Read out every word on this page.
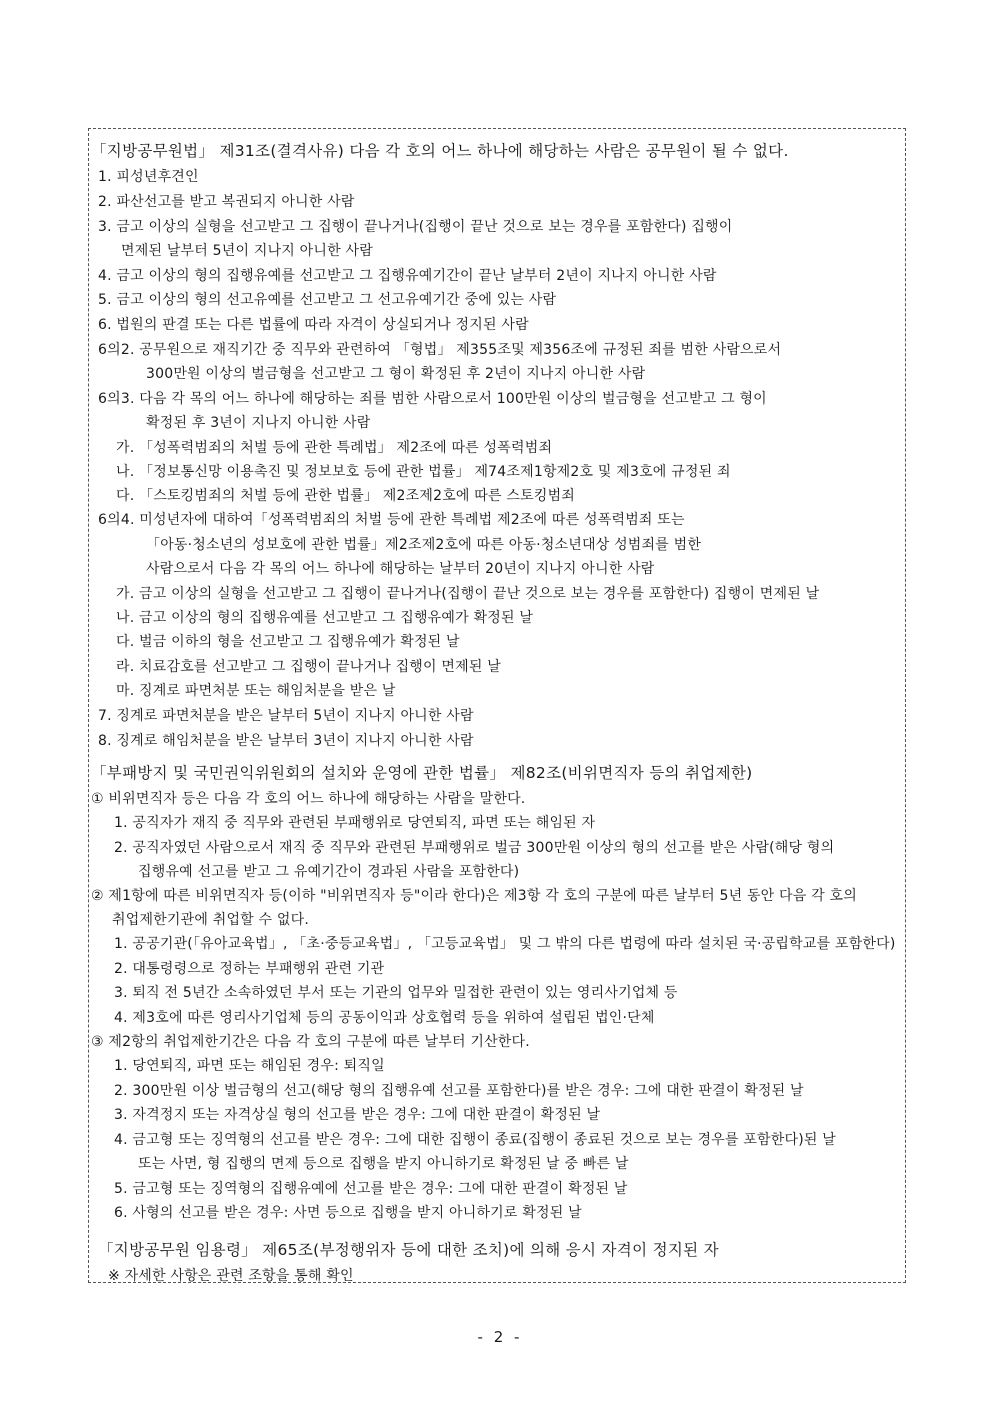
「지방공무원법」 제31조(결격사유) 다음 각 호의 어느 하나에 해당하는 사람은 공무원이 될 수 없다.
1. 피성년후견인
2. 파산선고를 받고 복권되지 아니한 사람
3. 금고 이상의 실형을 선고받고 그 집행이 끝나거나(집행이 끝난 것으로 보는 경우를 포함한다) 집행이
면제된 날부터 5년이 지나지 아니한 사람
4. 금고 이상의 형의 집행유예를 선고받고 그 집행유예기간이 끝난 날부터 2년이 지나지 아니한 사람
5. 금고 이상의 형의 선고유예를 선고받고 그 선고유예기간 중에 있는 사람
6. 법원의 판결 또는 다른 법률에 따라 자격이 상실되거나 정지된 사람
6의2. 공무원으로 재직기간 중 직무와 관련하여 「형법」 제355조및 제356조에 규정된 죄를 범한 사람으로서
300만원 이상의 벌금형을 선고받고 그 형이 확정된 후 2년이 지나지 아니한 사람
6의3. 다음 각 목의 어느 하나에 해당하는 죄를 범한 사람으로서 100만원 이상의 벌금형을 선고받고 그 형이
확정된 후 3년이 지나지 아니한 사람
가. 「성폭력범죄의 처벌 등에 관한 특례법」 제2조에 따른 성폭력범죄
나. 「정보통신망 이용촉진 및 정보보호 등에 관한 법률」 제74조제1항제2호 및 제3호에 규정된 죄
다. 「스토킹범죄의 처벌 등에 관한 법률」 제2조제2호에 따른 스토킹범죄
6의4. 미성년자에 대하여「성폭력범죄의 처벌 등에 관한 특례법 제2조에 따른 성폭력범죄 또는
「아동·청소년의 성보호에 관한 법률」제2조제2호에 따른 아동·청소년대상 성범죄를 범한
사람으로서 다음 각 목의 어느 하나에 해당하는 날부터 20년이 지나지 아니한 사람
가. 금고 이상의 실형을 선고받고 그 집행이 끝나거나(집행이 끝난 것으로 보는 경우를 포함한다) 집행이 면제된 날
나. 금고 이상의 형의 집행유예를 선고받고 그 집행유예가 확정된 날
다. 벌금 이하의 형을 선고받고 그 집행유예가 확정된 날
라. 치료감호를 선고받고 그 집행이 끝나거나 집행이 면제된 날
마. 징계로 파면처분 또는 해임처분을 받은 날
7. 징계로 파면처분을 받은 날부터 5년이 지나지 아니한 사람
8. 징계로 해임처분을 받은 날부터 3년이 지나지 아니한 사람
「부패방지 및 국민권익위원회의 설치와 운영에 관한 법률」 제82조(비위면직자 등의 취업제한)
① 비위면직자 등은 다음 각 호의 어느 하나에 해당하는 사람을 말한다.
1. 공직자가 재직 중 직무와 관련된 부패행위로 당연퇴직, 파면 또는 해임된 자
2. 공직자였던 사람으로서 재직 중 직무와 관련된 부패행위로 벌금 300만원 이상의 형의 선고를 받은 사람(해당 형의
집행유예 선고를 받고 그 유예기간이 경과된 사람을 포함한다)
② 제1항에 따른 비위면직자 등(이하 "비위면직자 등"이라 한다)은 제3항 각 호의 구분에 따른 날부터 5년 동안 다음 각 호의
취업제한기관에 취업할 수 없다.
1. 공공기관(「유아교육법」, 「초·중등교육법」, 「고등교육법」 및 그 밖의 다른 법령에 따라 설치된 국·공립학교를 포함한다)
2. 대통령령으로 정하는 부패행위 관련 기관
3. 퇴직 전 5년간 소속하였던 부서 또는 기관의 업무와 밀접한 관련이 있는 영리사기업체 등
4. 제3호에 따른 영리사기업체 등의 공동이익과 상호협력 등을 위하여 설립된 법인·단체
③ 제2항의 취업제한기간은 다음 각 호의 구분에 따른 날부터 기산한다.
1. 당연퇴직, 파면 또는 해임된 경우: 퇴직일
2. 300만원 이상 벌금형의 선고(해당 형의 집행유예 선고를 포함한다)를 받은 경우: 그에 대한 판결이 확정된 날
3. 자격정지 또는 자격상실 형의 선고를 받은 경우: 그에 대한 판결이 확정된 날
4. 금고형 또는 징역형의 선고를 받은 경우: 그에 대한 집행이 종료(집행이 종료된 것으로 보는 경우를 포함한다)된 날
또는 사면, 형 집행의 면제 등으로 집행을 받지 아니하기로 확정된 날 중 빠른 날
5. 금고형 또는 징역형의 집행유예에 선고를 받은 경우: 그에 대한 판결이 확정된 날
6. 사형의 선고를 받은 경우: 사면 등으로 집행을 받지 아니하기로 확정된 날
「지방공무원 임용령」 제65조(부정행위자 등에 대한 조치)에 의해 응시 자격이 정지된 자
※ 자세한 사항은 관련 조항을 통해 확인
- 2 -
